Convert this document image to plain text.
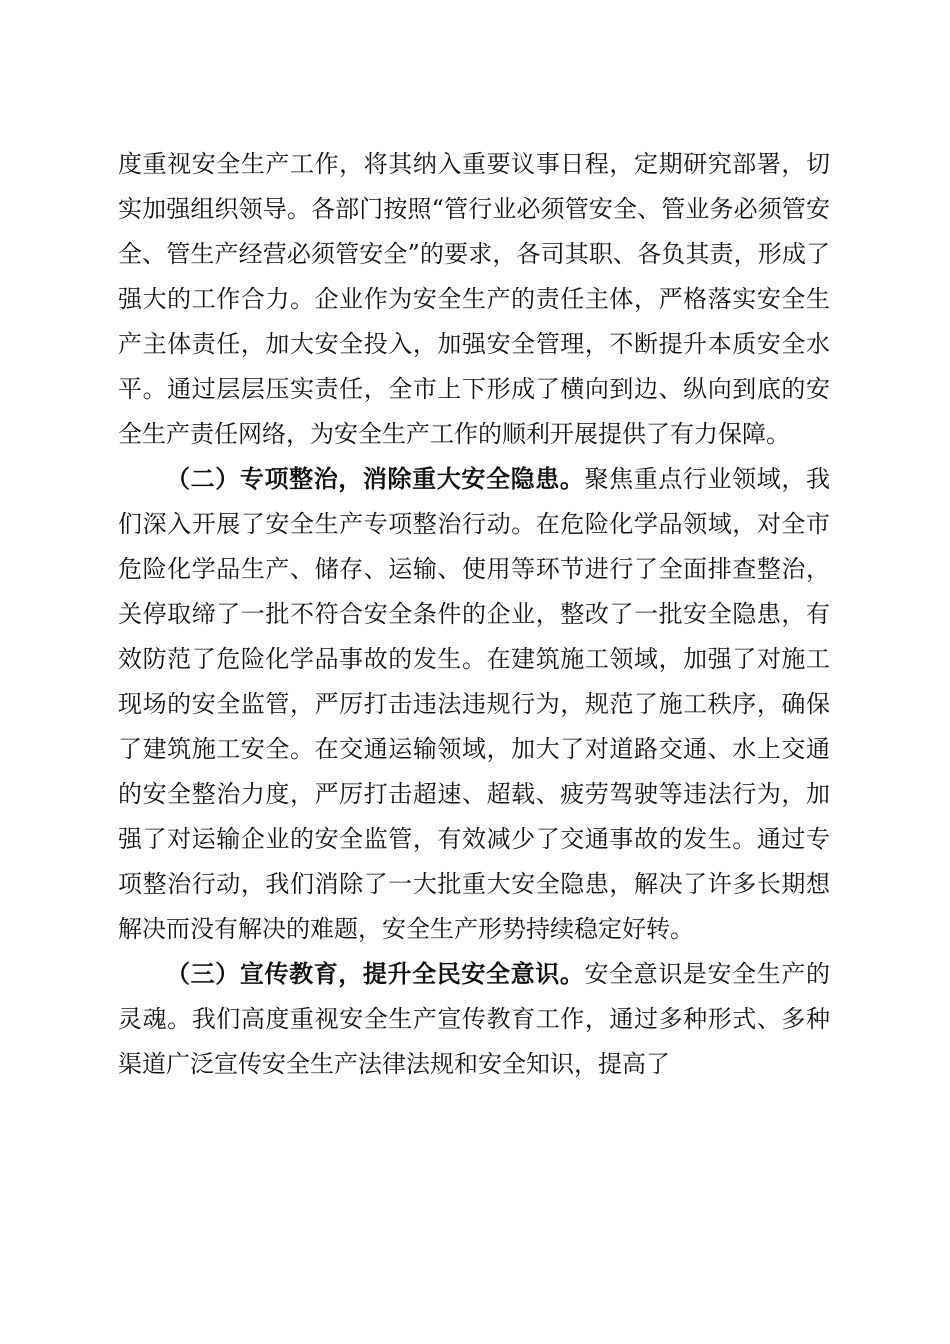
度重视安全生产工作，将其纳入重要议事日程，定期研究部署，切实加强组织领导。各部门按照“管行业必须管安全、管业务必须管安全、管生产经营必须管安全”的要求，各司其职、各负其责，形成了强大的工作合力。企业作为安全生产的责任主体，严格落实安全生产主体责任，加大安全投入，加强安全管理，不断提升本质安全水平。通过层层压实责任，全市上下形成了横向到边、纵向到底的安全生产责任网络，为安全生产工作的顺利开展提供了有力保障。

（二）专项整治，消除重大安全隐患。聚焦重点行业领域，我们深入开展了安全生产专项整治行动。在危险化学品领域，对全市危险化学品生产、储存、运输、使用等环节进行了全面排查整治，关停取缔了一批不符合安全条件的企业，整改了一批安全隐患，有效防范了危险化学品事故的发生。在建筑施工领域，加强了对施工现场的安全监管，严厉打击违法违规行为，规范了施工秩序，确保了建筑施工安全。在交通运输领域，加大了对道路交通、水上交通的安全整治力度，严厉打击超速、超载、疲劳驾驶等违法行为，加强了对运输企业的安全监管，有效减少了交通事故的发生。通过专项整治行动，我们消除了一大批重大安全隐患，解决了许多长期想解决而没有解决的难题，安全生产形势持续稳定好转。

（三）宣传教育，提升全民安全意识。安全意识是安全生产的灵魂。我们高度重视安全生产宣传教育工作，通过多种形式、多种渠道广泛宣传安全生产法律法规和安全知识，提高了
